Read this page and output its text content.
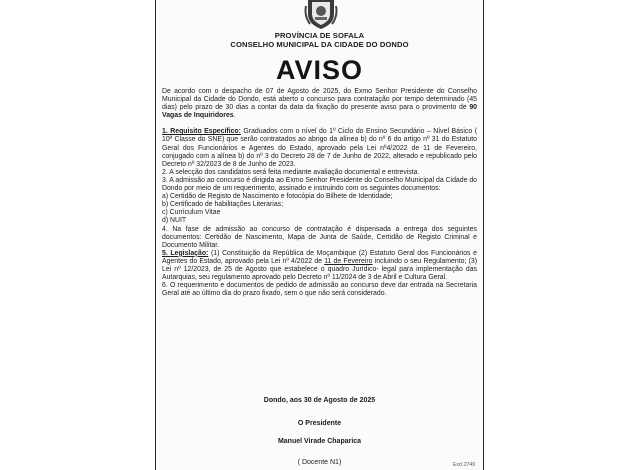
PROVÍNCIA DE SOFALA
CONSELHO MUNICIPAL DA CIDADE DO DONDO
AVISO

De acordo com o despacho de 07 de Agosto de 2025, do Exmo Senhor Presidente do Conselho Municipal da Cidade do Dondo, está aberto o concurso para contratação por tempo determinado (45 dias) pelo prazo de 30 dias a contar da data da fixação do presente aviso para o provimento de 90 Vagas de Inquiridores.

1. Requisito Específico: Graduados com o nível do 1º Ciclo do Ensino Secundário – Nível Básico ( 10ª Classe do SNE) que serão contratados ao abrigo da alínea b) do nº 6 do artigo nº 31 do Estatuto Geral dos Funcionários e Agentes do Estado, aprovado pela Lei nº4/2022 de 11 de Fevereiro, conjugado com a alínea b) do nº 3 do Decreto 28 de 7 de Junho de 2022, alterado e republicado pelo Decreto nº 32/2023 de 8 de Junho de 2023.

2. A selecção dos candidatos será feita mediante avaliação documental e entrevista.

3. A admissão ao concurso é dirigida ao Exmo Senhor Presidente do Conselho Municipal da Cidade do Dondo por meio de um requerimento, assinado e instruindo com os seguintes documentos:

a) Certidão de Registo de Nascimento e fotocópia do Bilhete de Identidade;

b) Certificado de habilitações Literarias;

c) Curriculum Vitae

d) NUIT

4. Na fase de admissão ao concurso de contratação é dispensada a entrega dos seguintes documentos: Certidão de Nascimento, Mapa de Junta de Saúde, Certidão de Registo Criminal e Documento Militar.

5. Legislação: (1) Constituição da República de Moçambique (2) Estatuto Geral dos Funcionários e Agentes do Estado, aprovado pela Lei nº 4/2022 de 11 de Fevereiro incluindo o seu Regulamento; (3) Lei nº 12/2023, de 25 de Agosto que estabelece o quadro Jurídico- legal para implementação das Autarquias, seu regulamento aprovado pelo Decreto nº 11/2024 de 3 de Abril e Cultura Geral.

6. O requerimento e documentos de pedido de admissão ao concurso deve dar entrada na Secretaria Geral até ao último dia do prazo fixado, sem o que não será considerado.

Dondo, aos 30 de Agosto de 2025
O Presidente
Manuel Virade Chaparica
( Docente N1)	Excl.2749
